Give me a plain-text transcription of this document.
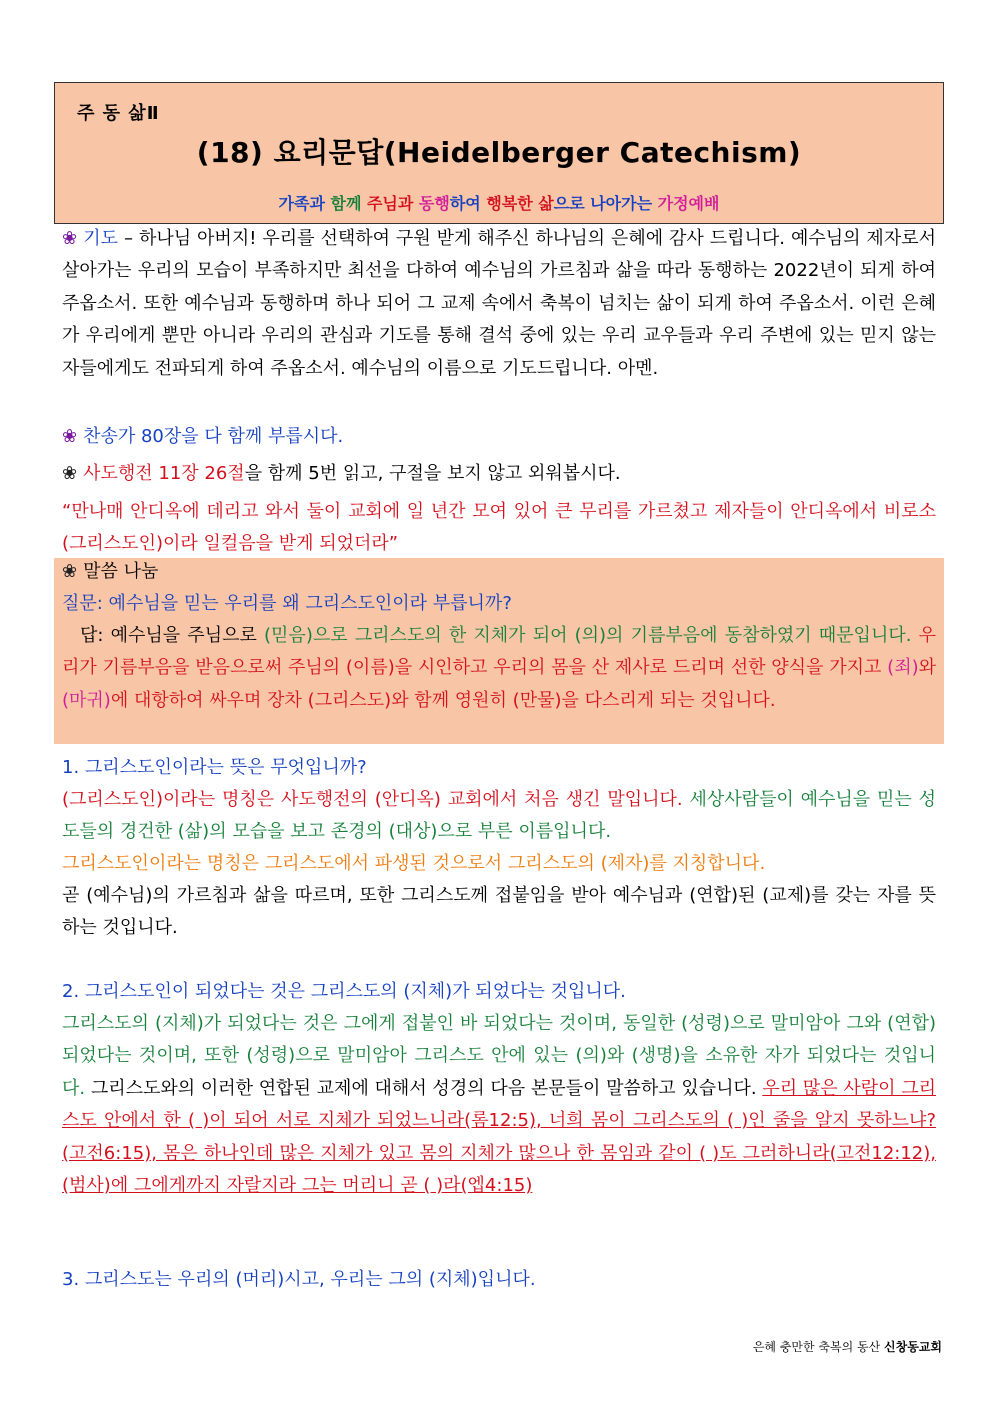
주 동 삶Ⅱ
(18) 요리문답(Heidelberger Catechism)
가족과 함께 주님과 동행하여 행복한 삶으로 나아가는 가정예배
❀ 기도 – 하나님 아버지! 우리를 선택하여 구원 받게 해주신 하나님의 은혜에 감사 드립니다. 예수님의 제자로서 살아가는 우리의 모습이 부족하지만 최선을 다하여 예수님의 가르침과 삶을 따라 동행하는 2022년이 되게 하여 주옵소서. 또한 예수님과 동행하며 하나 되어 그 교제 속에서 축복이 넘치는 삶이 되게 하여 주옵소서. 이런 은혜가 우리에게 뿐만 아니라 우리의 관심과 기도를 통해 결석 중에 있는 우리 교우들과 우리 주변에 있는 믿지 않는 자들에게도 전파되게 하여 주옵소서. 예수님의 이름으로 기도드립니다. 아멘.
❀ 찬송가 80장을 다 함께 부릅시다.
❀ 사도행전 11장 26절을 함께 5번 읽고, 구절을 보지 않고 외워봅시다.
“만나매 안디옥에 데리고 와서 둘이 교회에 일 년간 모여 있어 큰 무리를 가르쳤고 제자들이 안디옥에서 비로소 (그리스도인)이라 일컬음을 받게 되었더라”
❀ 말씀 나눔
질문: 예수님을 믿는 우리를 왜 그리스도인이라 부릅니까?
답: 예수님을 주님으로 (믿음)으로 그리스도의 한 지체가 되어 (의)의 기름부음에 동참하였기 때문입니다. 우리가 기름부음을 받음으로써 주님의 (이름)을 시인하고 우리의 몸을 산 제사로 드리며 선한 양식을 가지고 (죄)와 (마귀)에 대항하여 싸우며 장차 (그리스도)와 함께 영원히 (만물)을 다스리게 되는 것입니다.
1. 그리스도인이라는 뜻은 무엇입니까?
(그리스도인)이라는 명칭은 사도행전의 (안디옥) 교회에서 처음 생긴 말입니다. 세상사람들이 예수님을 믿는 성도들의 경건한 (삶)의 모습을 보고 존경의 (대상)으로 부른 이름입니다.
그리스도인이라는 명칭은 그리스도에서 파생된 것으로서 그리스도의 (제자)를 지칭합니다.
곧 (예수님)의 가르침과 삶을 따르며, 또한 그리스도께 접붙임을 받아 예수님과 (연합)된 (교제)를 갖는 자를 뜻하는 것입니다.
2. 그리스도인이 되었다는 것은 그리스도의 (지체)가 되었다는 것입니다.
그리스도의 (지체)가 되었다는 것은 그에게 접붙인 바 되었다는 것이며, 동일한 (성령)으로 말미암아 그와 (연합)되었다는 것이며, 또한 (성령)으로 말미암아 그리스도 안에 있는 (의)와 (생명)을 소유한 자가 되었다는 것입니다. 그리스도와의 이러한 연합된 교제에 대해서 성경의 다음 본문들이 말씀하고 있습니다. 우리 많은 사람이 그리스도 안에서 한 ( )이 되어 서로 지체가 되었느니라(롬12:5), 너희 몸이 그리스도의 ( )인 줄을 알지 못하느냐?(고전6:15), 몸은 하나인데 많은 지체가 있고 몸의 지체가 많으나 한 몸임과 같이 ( )도 그러하니라(고전12:12), (범사)에 그에게까지 자랄지라 그는 머리니 곧 ( )라(엡4:15)
3. 그리스도는 우리의 (머리)시고, 우리는 그의 (지체)입니다.
은혜 충만한 축복의 동산 신창동교회
